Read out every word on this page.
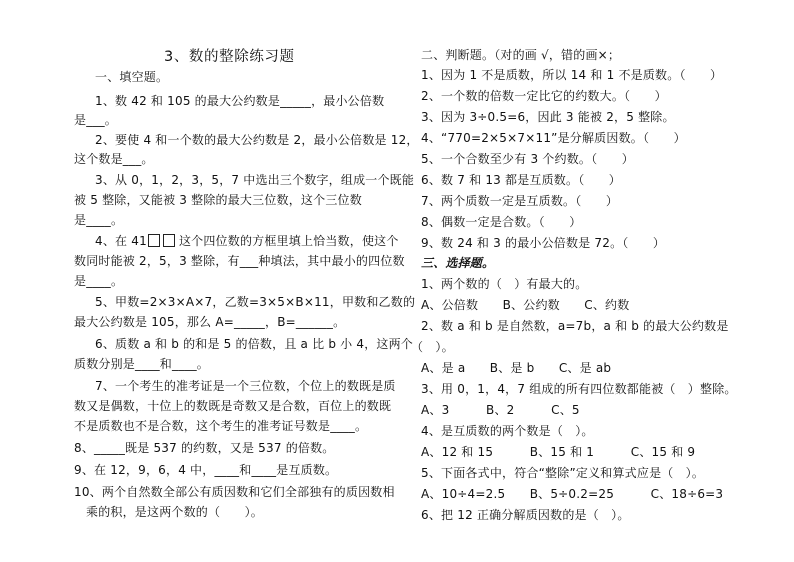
3、数的整除练习题
一、填空题。
1、数 42 和 105 的最大公约数是_____，最小公倍数
是___。
2、要使 4 和一个数的最大公约数是 2，最小公倍数是 12，
这个数是___。
3、从 0，1，2，3，5，7 中选出三个数字，组成一个既能
被 5 整除，又能被 3 整除的最大三位数，这个三位数
是____。
4、在 41	这个四位数的方框里填上恰当数，使这个
数同时能被 2，5，3 整除，有___种填法，其中最小的四位数
是____。
5、甲数=2×3×A×7，乙数=3×5×B×11，甲数和乙数的
最大公约数是 105，那么 A=_____，B=______。
6、质数 a 和 b 的和是 5 的倍数，且 a 比 b 小 4，这两个
质数分别是____和____。
7、一个考生的准考证是一个三位数，个位上的数既是质
数又是偶数，十位上的数既是奇数又是合数，百位上的数既
不是质数也不是合数，这个考生的准考证号数是____。
8、_____既是 537 的约数，又是 537 的倍数。
9、在 12，9，6，4 中，____和____是互质数。
10、两个自然数全部公有质因数和它们全部独有的质因数相
乘的积，是这两个数的（　　）。
二、判断题。（对的画 √，错的画×；
1、因为 1 不是质数，所以 14 和 1 不是质数。（　　）
2、一个数的倍数一定比它的约数大。（　　）
3、因为 3÷0.5=6，因此 3 能被 2，5 整除。
4、“770=2×5×7×11”是分解质因数。（　　）
5、一个合数至少有 3 个约数。（　　）
6、数 7 和 13 都是互质数。（　　）
7、两个质数一定是互质数。（　　）
8、偶数一定是合数。（　　）
9、数 24 和 3 的最小公倍数是 72。（　　）
三、选择题。
1、两个数的（　）有最大的。
A、公倍数　　B、公约数　　C、约数
2、数 a 和 b 是自然数，a=7b，a 和 b 的最大公约数是
（　）。
A、是 a　　B、是 b　　C、是 ab
3、用 0，1，4，7 组成的所有四位数都能被（　）整除。
A、3　　　B、2　　　C、5
4、是互质数的两个数是（　）。
A、12 和 15　　　B、15 和 1　　　C、15 和 9
5、下面各式中，符合“整除”定义和算式应是（　）。
A、10÷4=2.5　　B、5÷0.2=25　　　C、18÷6=3
6、把 12 正确分解质因数的是（　）。
